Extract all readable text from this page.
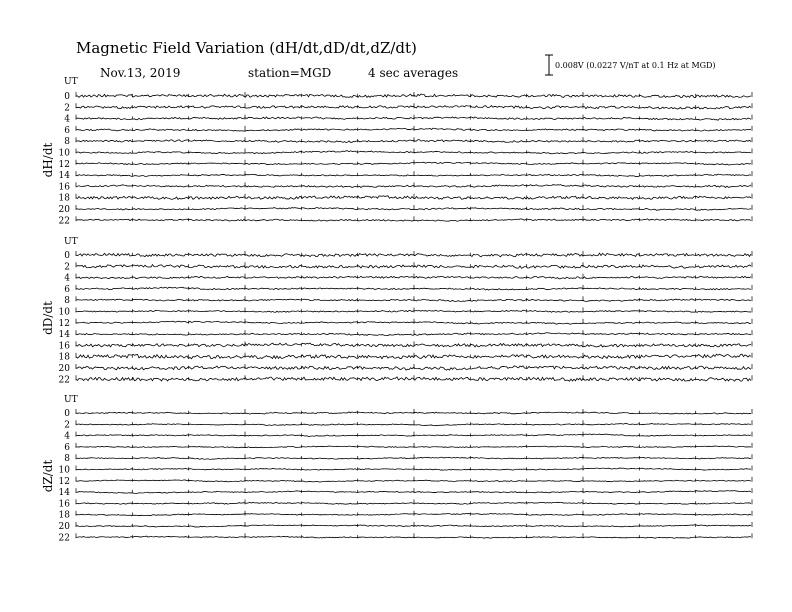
Magnetic Field Variation (dH/dt,dD/dt,dZ/dt)
Nov.13, 2019	station=MGD	4 sec averages
0.008V (0.0227 V/nT at 0.1 Hz at MGD)
UT
dH/dt
0
2
4
6
8
10
12
14
16
18
20
22
UT
dD/dt
0
2
4
6
8
10
12
14
16
18
20
22
UT
dZ/dt
0
2
4
6
8
10
12
14
16
18
20
22
